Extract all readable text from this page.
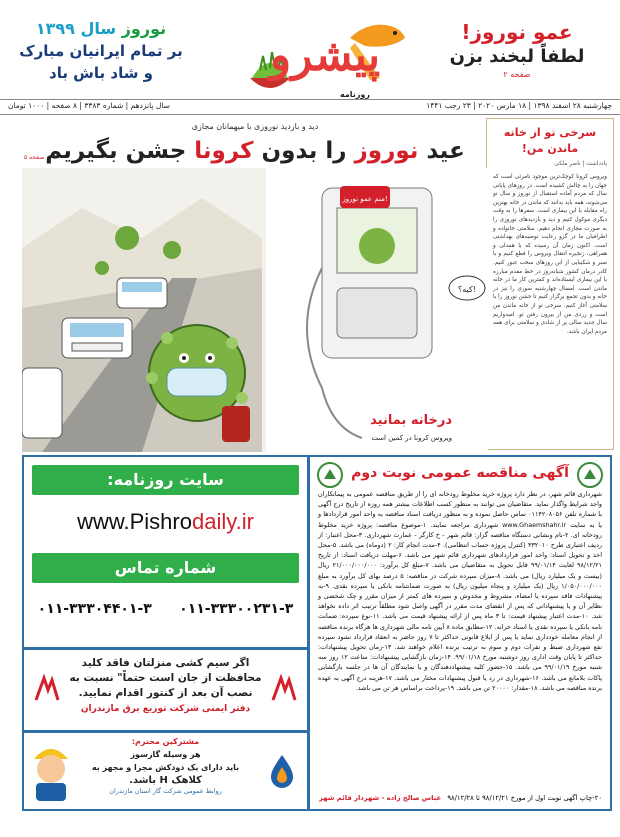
عمو نوروز!
لطفاً لبخند بزن
صفحه ۲
پیشرو
روزنامه
نوروز سال ۱۳۹۹
بر تمام ایرانیان مبارک
و شاد باش باد
چهارشنبه ۲۸ اسفند ۱۳۹۸ | ۱۸ مارس ۲۰۲۰ | ۲۳ رجب ۱۴۴۱
سال پانزدهم | شماره ۳۳۸۳ | ۸ صفحه | ۱۰۰۰ تومان
سرخی تو از خانه
ماندن من!
یادداشت | ناصر ملکی
ویروس کرونا کوچک‌ترین موجود نامرئی است که جهان را به چالش کشیده است. در روزهای پایانی سال که مردم آماده استقبال از نوروز و سال نو می‌شوند، همه باید بدانند که ماندن در خانه بهترین راه مقابله با این بیماری است. سفرها را به وقت دیگری موکول کنیم و دید و بازدیدهای نوروزی را به صورت مجازی انجام دهیم. سلامتی خانواده و اطرافیان ما در گرو رعایت توصیه‌های بهداشتی است. اکنون زمان آن رسیده که با همدلی و همراهی، زنجیره انتقال ویروس را قطع کنیم و با صبر و شکیبایی از این روزهای سخت عبور کنیم. کادر درمان کشور شبانه‌روز در خط مقدم مبارزه با این بیماری ایستاده‌اند و کمترین کار ما در خانه ماندن است. امسال چهارشنبه سوری را نیز در خانه و بدون تجمع برگزار کنیم تا جشن نوروز را با سلامتی آغاز کنیم. سرخی تو از خانه ماندن من است و زردی من از بیرون رفتن تو. امیدواریم سال جدید سالی پر از شادی و سلامتی برای همه مردم ایران باشد.
دید و بازدید نوروزی با میهمانان مجازی
عید نوروز را بدون کرونا جشن بگیریم
صفحه ۵
منم عمو نوروز!
کیه؟!
درخانه بمانید
ویروس کرونا در کمین است
سایت روزنامه:
www.Pishrodaily.ir
شماره تماس
۰۱۱-۳۳۳۰۰۲۳۱-۳
۰۱۱-۳۳۳۰۴۴۰۱-۳
آگهی مناقصه عمومی نوبت دوم
شهرداری قائم شهر، در نظر دارد پروژه خرید مخلوط رودخانه ای را از طریق مناقصه عمومی به پیمانکاران واجد شرایط واگذار نماید. متقاضیان می توانند به منظور کسب اطلاعات بیشتر همه روزه از تاریخ درج آگهی با شماره تلفن ۰۱۱۴۲۰۸۰۵۶ تماس حاصل نموده و به منظور دریافت اسناد مناقصه به واحد امور قراردادها و یا به سایت www.Ghaemshahr.ir شهرداری مراجعه نمایند. ۱-موضوع مناقصه: پروژه خرید مخلوط رودخانه ای. ۲-نام ونشانی دستگاه مناقصه گزار: قائم شهر - خ کارگر - عمارت شهرداری. ۳-محل اعتبار: از ردیف اعتباری طرح ۳۳۲۰۱۰ (کنترل پروژه حساب انتظامی). ۴-مدت انجام کار: ۲ (دوماه) می باشد. ۵-محل اخذ و تحویل اسناد: واحد امور قراردادهای شهرداری قائم شهر می باشد. ۶-مهلت دریافت اسناد: از تاریخ ۹۸/۱۲/۲۱ لغایت ۹۹/۰۱/۱۴ قابل تحویل به متقاضیان می باشد. ۷-مبلغ کل برآورد: ۲۱/۰۰۰/۰۰۰/۰۰۰ ریال (بیست و یک میلیارد ریال) می باشد. ۸-میزان سپرده شرکت در مناقصه: ۵ درصد بهای کل برآورد به مبلغ ۱/۰۵۰/۰۰۰/۰۰۰ ریال (یک میلیارد و پنجاه میلیون ریال) به صورت ضمانتنامه بانکی یا سپرده نقدی. ۹-به پیشنهادات فاقد سپرده یا امضاء، مشروط و مخدوش و سپرده های کمتر از میزان مقرر و چک شخصی و نظایر آن و یا پیشنهاداتی که پس از انقضای مدت مقرر در آگهی واصل شود مطلقاً ترتیب اثر داده نخواهد شد. ۱۰-مدت اعتبار پیشنهاد قیمت: تا ۳ ماه پس از ارائه پیشنهاد قیمت می باشد. ۱۱-نوع سپرده: ضمانت نامه بانکی یا سپرده نقدی یا اسناد خزانه. ۱۲-مطابق ماده ۸ آیین نامه مالی شهرداری ها هرگاه برنده مناقصه از انجام معامله خودداری نماید یا پس از ابلاغ قانونی حداکثر تا ۷ روز حاضر به انعقاد قرارداد نشود سپرده نفع شهرداری ضبط و نفرات دوم و سوم به ترتیب برنده اعلام خواهند شد. ۱۳-زمان تحویل پیشنهادات: حداکثر تا پایان وقت اداری روز دوشنبه مورخ ۹۹/۰۱/۱۸. ۱۴-زمان بازگشایی پیشنهادات: ساعت ۱۲ روز سه شنبه مورخ ۹۹/۰۱/۱۹ می باشد. ۱۵-حضور کلیه پیشنهاددهندگان و یا نمایندگان آن ها در جلسه بازگشایی پاکات بلامانع می باشد. ۱۶-شهرداری در رد یا قبول پیشنهادات مختار می باشد. ۱۷-هزینه درج آگهی به عهده برنده مناقصه می باشد. ۱۸-مقدار: ۲۰۰۰۰ تن می باشد. ۱۹-پرداخت براساس هر تن می باشد.
۲۰-چاپ آگهی نوبت اول از مورخ ۹۸/۱۲/۲۱ تا ۹۸/۱۲/۲۸ عباس صالح زاده - شهردار قائم شهر
اگر سیم کشی منزلتان فاقد کلید محافظت از جان است حتماً" نسبت به نصب آن بعد از کنتور اقدام نمایید.
دفتر ایمنی شرکت توزیع برق مازندران
مشترکین محترم:
هر وسیله گازسوز
باید دارای یک دودکش مجزا و مجهز به
کلاهک H باشد.
روابط عمومی شرکت گاز استان مازندران
